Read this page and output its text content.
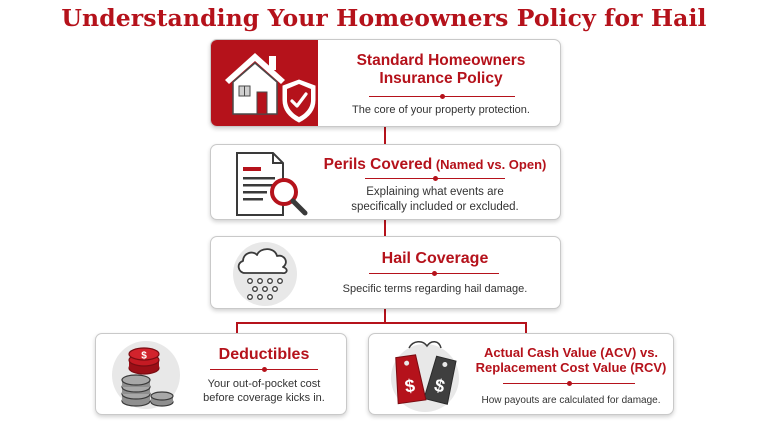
Understanding Your Homeowners Policy for Hail
Standard Homeowners
Insurance Policy

The core of your property protection.

Perils Covered (Named vs. Open)

Explaining what events are
specifically included or excluded.

Hail Coverage

Specific terms regarding hail damage.

$	Deductibles

Your out-of-pocket cost
before coverage kicks in.

$
$
Actual Cash Value (ACV) vs.
Replacement Cost Value (RCV)

How payouts are calculated for damage.
